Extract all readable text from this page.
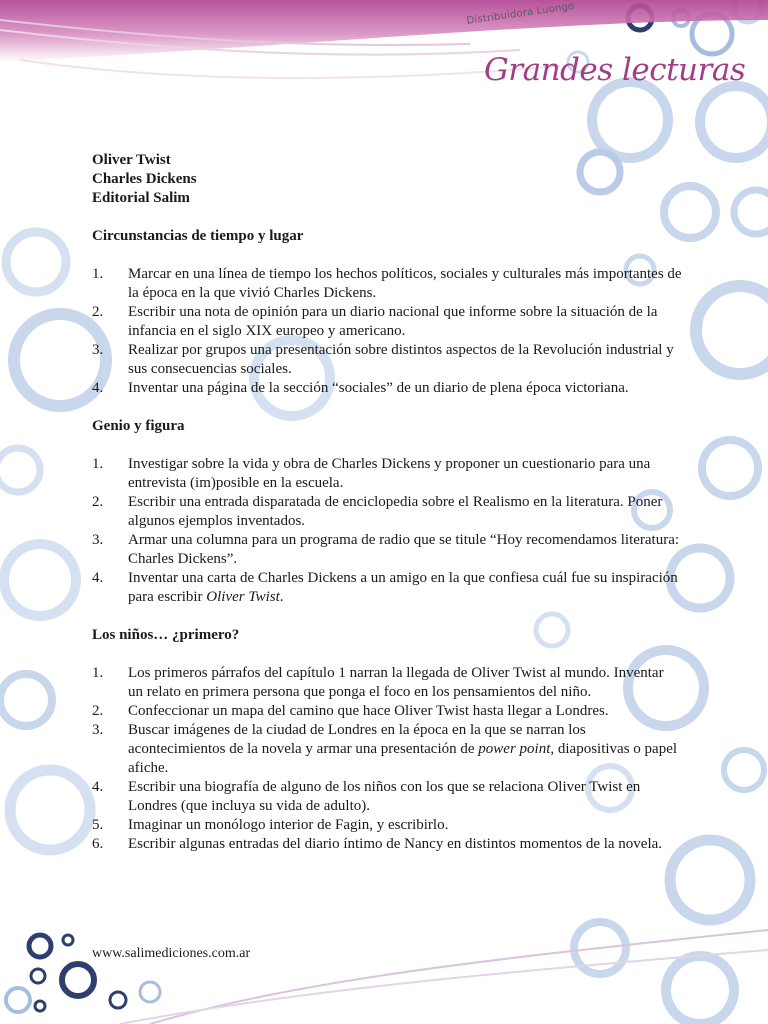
Distribuidora Luongo
Grandes lecturas
Oliver Twist
Charles Dickens
Editorial Salim
Circunstancias de tiempo y lugar
1. Marcar en una línea de tiempo los hechos políticos, sociales y culturales más importantes de la época en la que vivió Charles Dickens.
2. Escribir una nota de opinión para un diario nacional que informe sobre la situación de la infancia en el siglo XIX europeo y americano.
3. Realizar por grupos una presentación sobre distintos aspectos de la Revolución industrial y sus consecuencias sociales.
4. Inventar una página de la sección “sociales” de un diario de plena época victoriana.
Genio y figura
1. Investigar sobre la vida y obra de Charles Dickens y proponer un cuestionario para una entrevista (im)posible en la escuela.
2. Escribir una entrada disparatada de enciclopedia sobre el Realismo en la literatura. Poner algunos ejemplos inventados.
3. Armar una columna para un programa de radio que se titule “Hoy recomendamos literatura: Charles Dickens”.
4. Inventar una carta de Charles Dickens a un amigo en la que confiesa cuál fue su inspiración para escribir Oliver Twist.
Los niños… ¿primero?
1. Los primeros párrafos del capítulo 1 narran la llegada de Oliver Twist al mundo. Inventar un relato en primera persona que ponga el foco en los pensamientos del niño.
2. Confeccionar un mapa del camino que hace Oliver Twist hasta llegar a Londres.
3. Buscar imágenes de la ciudad de Londres en la época en la que se narran los acontecimientos de la novela y armar una presentación de power point, diapositivas o papel afiche.
4. Escribir una biografía de alguno de los niños con los que se relaciona Oliver Twist en Londres (que incluya su vida de adulto).
5. Imaginar un monólogo interior de Fagin, y escribirlo.
6. Escribir algunas entradas del diario íntimo de Nancy en distintos momentos de la novela.
www.salimediciones.com.ar
